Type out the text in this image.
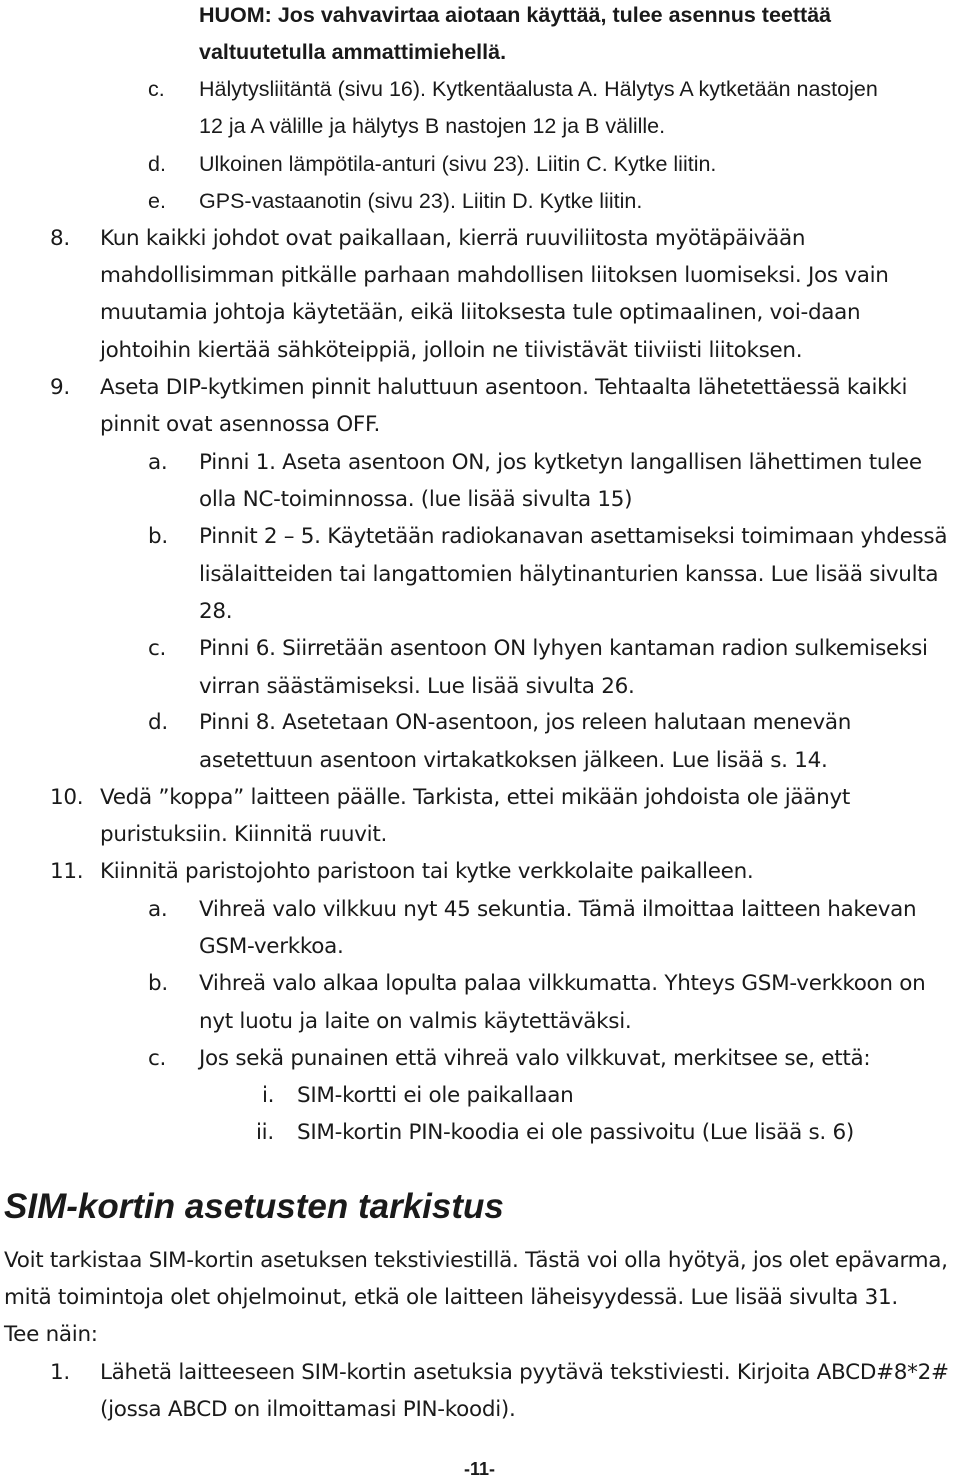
HUOM: Jos vahvavirtaa aiotaan käyttää, tulee asennus teettää
valtuutetulla ammattimiehellä.
c. Hälytysliitäntä (sivu 16). Kytkentäalusta A. Hälytys A kytketään nastojen
12 ja A välille ja hälytys B nastojen 12 ja B välille.
d. Ulkoinen lämpötila-anturi (sivu 23). Liitin C. Kytke liitin.
e. GPS-vastaanotin (sivu 23). Liitin D. Kytke liitin.
8. Kun kaikki johdot ovat paikallaan, kierrä ruuviliitosta myötäpäivään
mahdollisimman pitkälle parhaan mahdollisen liitoksen luomiseksi. Jos vain
muutamia johtoja käytetään, eikä liitoksesta tule optimaalinen, voi-daan
johtoihin kiertää sähköteippiä, jolloin ne tiivistävät tiiviisti liitoksen.
9. Aseta DIP-kytkimen pinnit haluttuun asentoon. Tehtaalta lähetettäessä kaikki
pinnit ovat asennossa OFF.
a. Pinni 1. Aseta asentoon ON, jos kytketyn langallisen lähettimen tulee
olla NC-toiminnossa. (lue lisää sivulta 15)
b. Pinnit 2 – 5. Käytetään radiokanavan asettamiseksi toimimaan yhdessä
lisälaitteiden tai langattomien hälytinanturien kanssa. Lue lisää sivulta
28.
c. Pinni 6. Siirretään asentoon ON lyhyen kantaman radion sulkemiseksi
virran säästämiseksi. Lue lisää sivulta 26.
d. Pinni 8. Asetetaan ON-asentoon, jos releen halutaan menevän
asetettuun asentoon virtakatkoksen jälkeen. Lue lisää s. 14.
10. Vedä ”koppa” laitteen päälle. Tarkista, ettei mikään johdoista ole jäänyt
puristuksiin. Kiinnitä ruuvit.
11. Kiinnitä paristojohto paristoon tai kytke verkkolaite paikalleen.
a. Vihreä valo vilkkuu nyt 45 sekuntia. Tämä ilmoittaa laitteen hakevan
GSM-verkkoa.
b. Vihreä valo alkaa lopulta palaa vilkkumatta. Yhteys GSM-verkkoon on
nyt luotu ja laite on valmis käytettäväksi.
c. Jos sekä punainen että vihreä valo vilkkuvat, merkitsee se, että:
i. SIM-kortti ei ole paikallaan
ii. SIM-kortin PIN-koodia ei ole passivoitu (Lue lisää s. 6)
SIM-kortin asetusten tarkistus
Voit tarkistaa SIM-kortin asetuksen tekstiviestillä. Tästä voi olla hyötyä, jos olet epävarma,
mitä toimintoja olet ohjelmoinut, etkä ole laitteen läheisyydessä. Lue lisää sivulta 31.
Tee näin:
1. Lähetä laitteeseen SIM-kortin asetuksia pyytävä tekstiviesti. Kirjoita ABCD#8*2#
(jossa ABCD on ilmoittamasi PIN-koodi).
-11-
